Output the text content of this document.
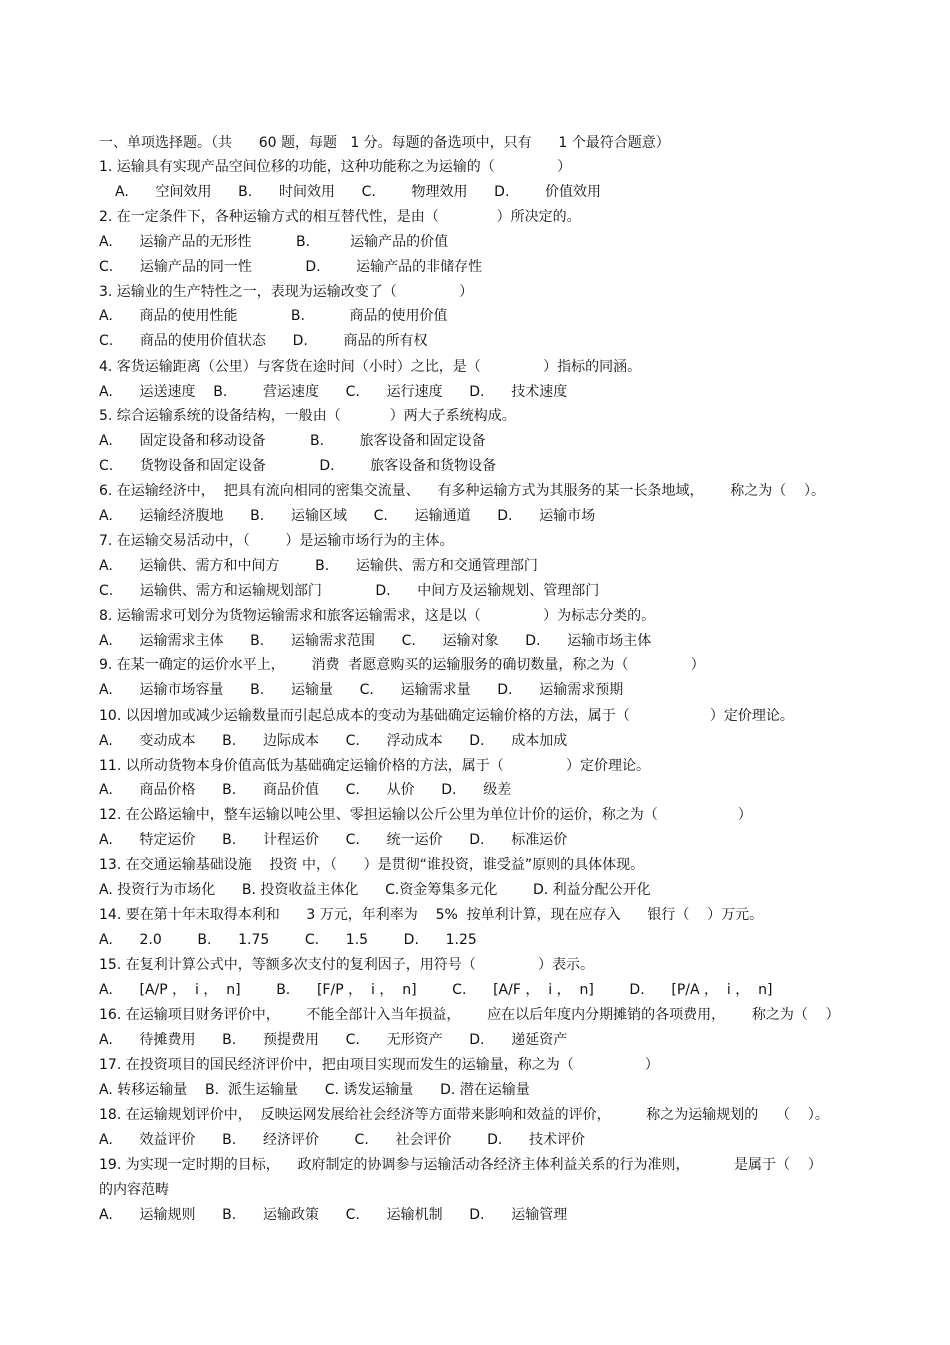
一、单项选择题。（共      60 题，每题   1 分。每题的备选项中，只有      1 个最符合题意）
1. 运输具有实现产品空间位移的功能，这种功能称之为运输的（              ）
A.      空间效用      B.      时间效用      C.        物理效用      D.        价值效用
2. 在一定条件下，各种运输方式的相互替代性，是由（             ）所决定的。
A.      运输产品的无形性          B.         运输产品的价值
C.      运输产品的同一性            D.        运输产品的非储存性
3. 运输业的生产特性之一，表现为运输改变了（              ）
A.      商品的使用性能            B.          商品的使用价值
C.      商品的使用价值状态      D.        商品的所有权
4. 客货运输距离（公里）与客货在途时间（小时）之比，是（              ）指标的同涵。
A.      运送速度    B.        营运速度      C.      运行速度      D.      技术速度
5. 综合运输系统的设备结构，一般由（           ）两大子系统构成。
A.      固定设备和移动设备          B.        旅客设备和固定设备
C.      货物设备和固定设备            D.        旅客设备和货物设备
6. 在运输经济中，  把具有流向相同的密集交流量、    有多种运输方式为其服务的某一长条地域，      称之为（    ）。
A.      运输经济腹地      B.      运输区域      C.      运输通道      D.      运输市场
7. 在运输交易活动中，（        ）是运输市场行为的主体。
A.      运输供、需方和中间方        B.      运输供、需方和交通管理部门
C.      运输供、需方和运输规划部门            D.      中间方及运输规划、管理部门
8. 运输需求可划分为货物运输需求和旅客运输需求，这是以（              ）为标志分类的。
A.      运输需求主体      B.      运输需求范围      C.      运输对象      D.      运输市场主体
9. 在某一确定的运价水平上，      消费  者愿意购买的运输服务的确切数量，称之为（              ）
A.      运输市场容量      B.      运输量      C.      运输需求量      D.      运输需求预期
10. 以因增加或减少运输数量而引起总成本的变动为基础确定运输价格的方法，属于（                  ）定价理论。
A.      变动成本      B.      边际成本      C.      浮动成本      D.      成本加成
11. 以所动货物本身价值高低为基础确定运输价格的方法，属于（              ）定价理论。
A.      商品价格      B.      商品价值      C.      从价      D.      级差
12. 在公路运输中，整车运输以吨公里、零担运输以公斤公里为单位计价的运价，称之为（                  ）
A.      特定运价      B.      计程运价      C.      统一运价      D.      标准运价
13. 在交通运输基础设施    投资 中，（      ）是贯彻“谁投资，谁受益”原则的具体体现。
A. 投资行为市场化      B. 投资收益主体化      C.资金筹集多元化        D. 利益分配公开化
14. 要在第十年末取得本利和      3 万元，年利率为    5%  按单利计算，现在应存入      银行（    ）万元。
A.      2.0        B.      1.75        C.      1.5        D.      1.25
15. 在复利计算公式中，等额多次支付的复利因子，用符号（              ）表示。
A.      [A/P ，  i ，  n]        B.      [F/P ，  i ，  n]        C.      [A/F ，  i ，  n]        D.      [P/A ，  i ，  n]
16. 在运输项目财务评价中，      不能全部计入当年损益，      应在以后年度内分期摊销的各项费用，      称之为（    ）
A.      待摊费用      B.      预提费用      C.      无形资产      D.      递延资产
17. 在投资项目的国民经济评价中，把由项目实现而发生的运输量，称之为（                ）
A. 转移运输量    B.  派生运输量      C. 诱发运输量      D. 潜在运输量
18. 在运输规划评价中，  反映运网发展给社会经济等方面带来影响和效益的评价，        称之为运输规划的    （    ）。
A.      效益评价      B.      经济评价        C.      社会评价        D.      技术评价
19. 为实现一定时期的目标，    政府制定的协调参与运输活动各经济主体利益关系的行为准则，          是属于（    ）
的内容范畴
A.      运输规则      B.      运输政策      C.      运输机制      D.      运输管理
